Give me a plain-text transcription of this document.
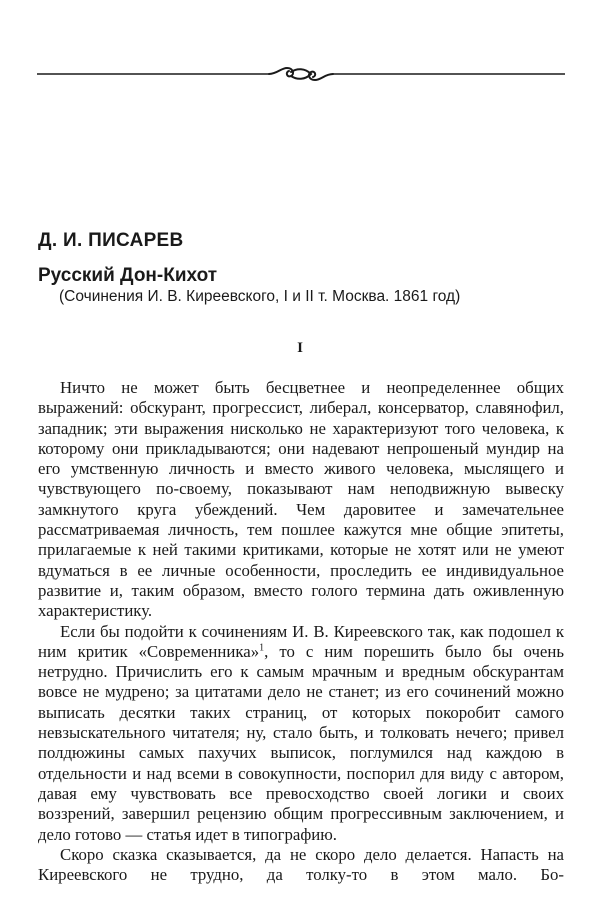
Д. И. ПИСАРЕВ
Русский Дон-Кихот

(Сочинения И. В. Киреевского, I и II т. Москва. 1861 год)

I

Ничто не может быть бесцветнее и неопределеннее общих выражений: обскурант, прогрессист, либерал, консерватор, славянофил, западник; эти выражения нисколько не характеризуют того человека, к которому они прикладываются; они надевают непрошеный мундир на его умственную личность и вместо живого человека, мыслящего и чувствующего по-своему, показывают нам неподвижную вывеску замкнутого круга убеждений. Чем даровитее и замечательнее рассматриваемая личность, тем пошлее кажутся мне общие эпитеты, прилагаемые к ней такими критиками, которые не хотят или не умеют вдуматься в ее личные особенности, проследить ее индивидуальное развитие и, таким образом, вместо голого термина дать оживленную характеристику.

Если бы подойти к сочинениям И. В. Киреевского так, как подошел к ним критик «Современника»$^1$, то с ним порешить было бы очень нетрудно. Причислить его к самым мрачным и вредным обскурантам вовсе не мудрено; за цитатами дело не станет; из его сочинений можно выписать десятки таких страниц, от которых покоробит самого невзыскательного читателя; ну, стало быть, и толковать нечего; привел полдюжины самых пахучих выписок, поглумился над каждою в отдельности и над всеми в совокупности, поспорил для виду с автором, давая ему чувствовать все превосходство своей логики и своих воззрений, завершил рецензию общим прогрессивным заключением, и дело готово — статья идет в типографию.

Скоро сказка сказывается, да не скоро дело делается. Напасть на Киреевского не трудно, да толку-то в этом мало. Бо-
